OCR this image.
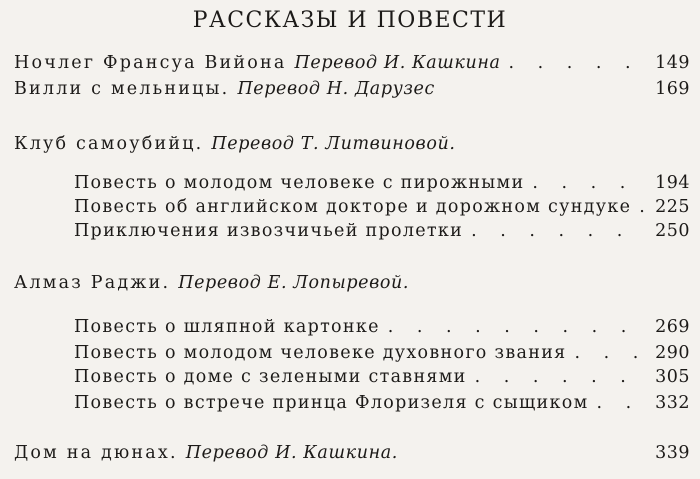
РАССКАЗЫ И ПОВЕСТИ
Ночлег Франсуа Вийона Перевод И. Кашкина . . .	149
Вилли с мельницы. Перевод Н. Дарузес	169
Клуб самоубийц. Перевод Т. Литвиновой.
Повесть о молодом человеке с пирожными . . .	194
Повесть об английском докторе и дорожном сундуке . . . 225
Приключения извозчичьей пролетки . . .	250
Алмаз Раджи. Перевод Е. Лопыревой.
Повесть о шляпной картонке . . .	269
Повесть о молодом человеке духовного звания . . .	290
Повесть о доме с зелеными ставнями . . .	305
Повесть о встрече принца Флоризеля с сыщиком . . .	332
Дом на дюнах. Перевод И. Кашкина.	339
